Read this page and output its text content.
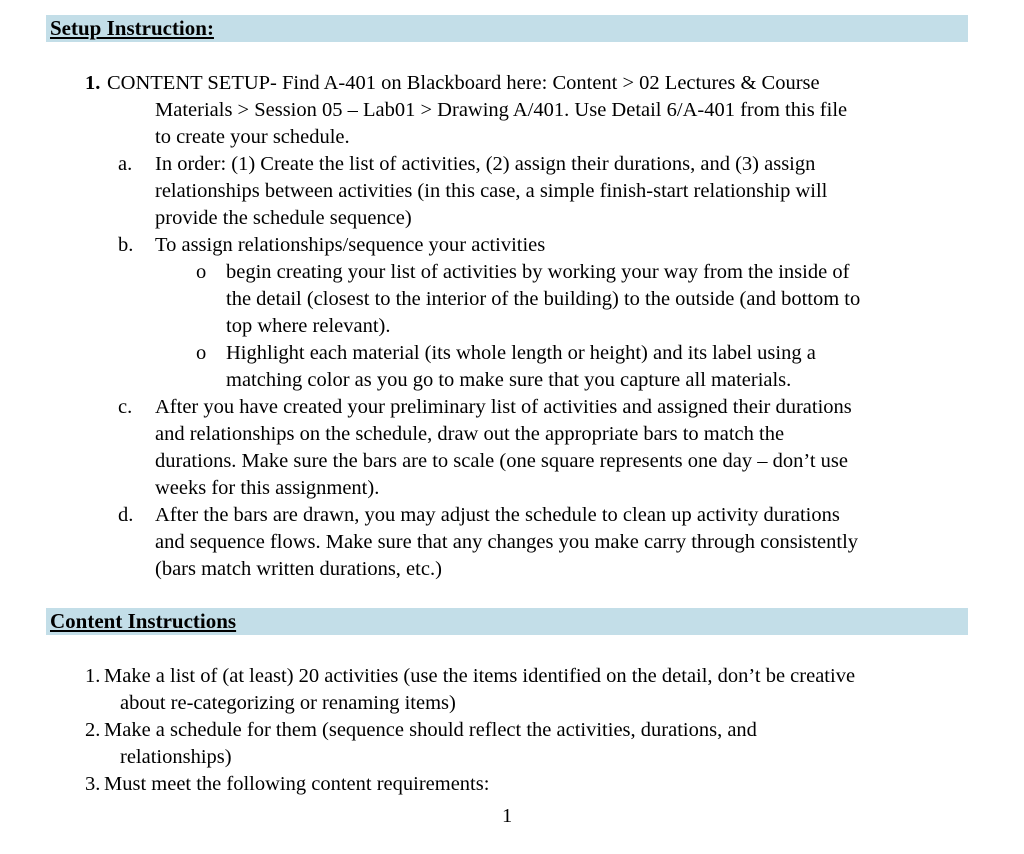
Setup Instruction:
1. CONTENT SETUP- Find A-401 on Blackboard here: Content > 02 Lectures & Course
Materials > Session 05 – Lab01 > Drawing A/401. Use Detail 6/A-401 from this file
to create your schedule.
a. In order: (1) Create the list of activities, (2) assign their durations, and (3) assign
relationships between activities (in this case, a simple finish-start relationship will
provide the schedule sequence)
b. To assign relationships/sequence your activities
o begin creating your list of activities by working your way from the inside of
the detail (closest to the interior of the building) to the outside (and bottom to
top where relevant).
o Highlight each material (its whole length or height) and its label using a
matching color as you go to make sure that you capture all materials.
c. After you have created your preliminary list of activities and assigned their durations
and relationships on the schedule, draw out the appropriate bars to match the
durations. Make sure the bars are to scale (one square represents one day – don’t use
weeks for this assignment).
d. After the bars are drawn, you may adjust the schedule to clean up activity durations
and sequence flows. Make sure that any changes you make carry through consistently
(bars match written durations, etc.)
Content Instructions
1. Make a list of (at least) 20 activities (use the items identified on the detail, don’t be creative
about re-categorizing or renaming items)
2. Make a schedule for them (sequence should reflect the activities, durations, and
relationships)
3. Must meet the following content requirements:
1
